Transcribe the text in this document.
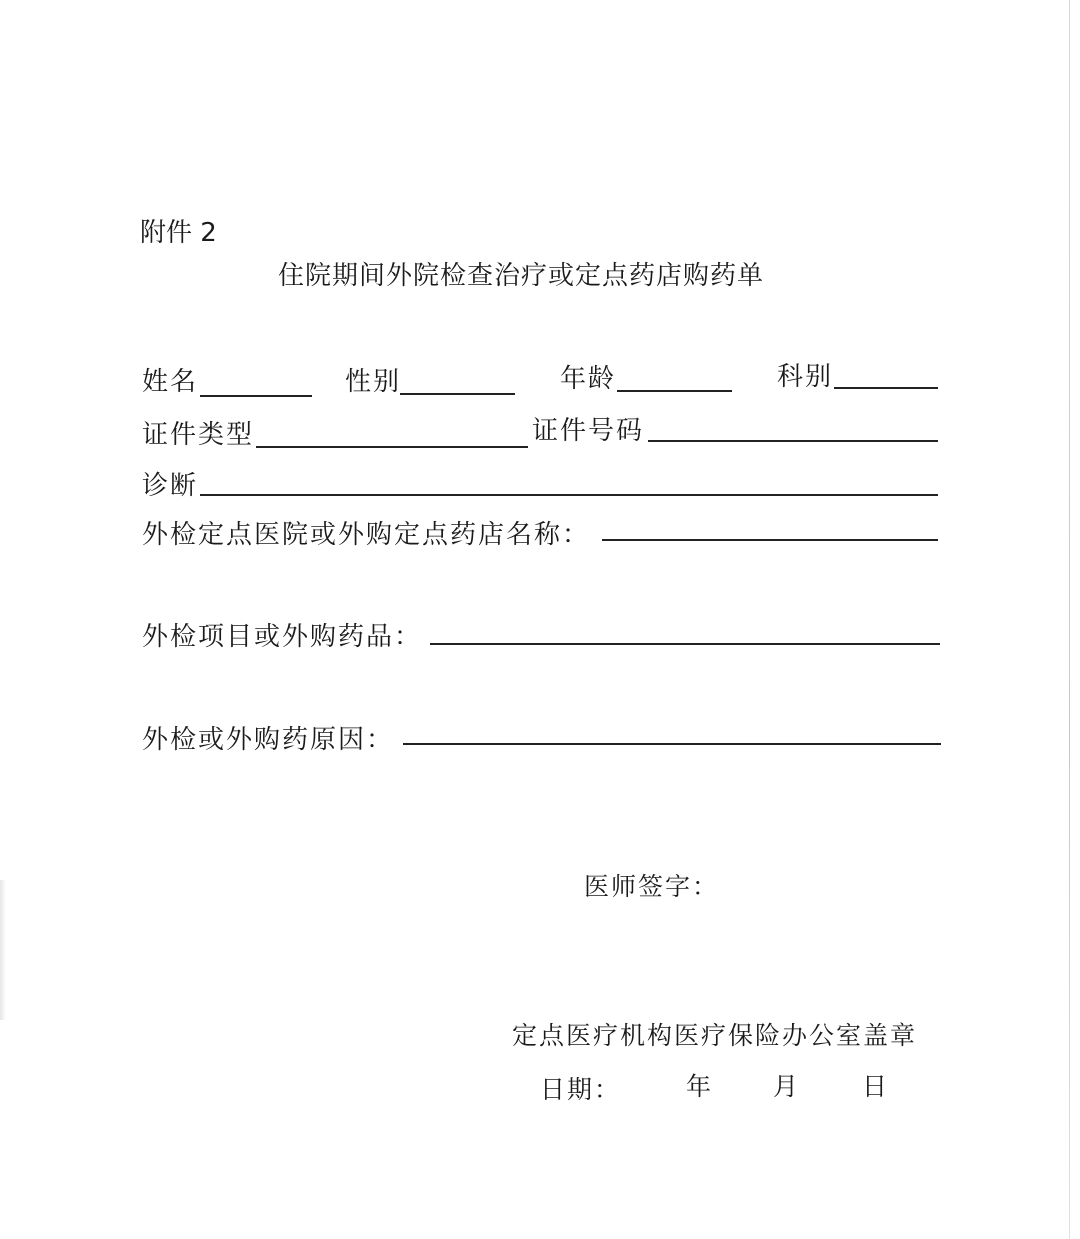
附件 2
住院期间外院检查治疗或定点药店购药单
姓名	性别	年龄	科别
证件类型	证件号码
诊断
外检定点医院或外购定点药店名称：
外检项目或外购药品：
外检或外购药原因：
医师签字：
定点医疗机构医疗保险办公室盖章
日期：	年 月 日
